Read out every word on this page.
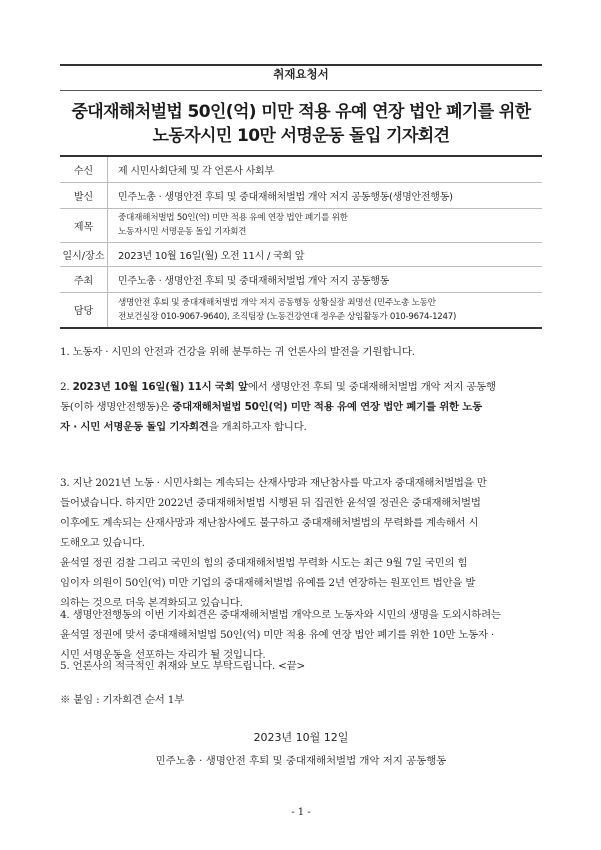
취재요청서
중대재해처벌법 50인(억) 미만 적용 유예 연장 법안 폐기를 위한
노동자시민 10만 서명운동 돌입 기자회견
수신	제 시민사회단체 및 각 언론사 사회부

발신	민주노총 · 생명안전 후퇴 및 중대재해처벌법 개악 저지 공동행동(생명안전행동)

제목	중대재해처벌법 50인(억) 미만 적용 유예 연장 법안 폐기를 위한
노동자시민 서명운동 돌입 기자회견

일시/장소	2023년 10월 16일(월) 오전 11시 / 국회 앞

주최	민주노총 · 생명안전 후퇴 및 중대재해처벌법 개악 저지 공동행동

담당	생명안전 후퇴 및 중대재해처벌법 개악 저지 공동행동 상황실장 최명선 (민주노총 노동안
전보건실장 010-9067-9640), 조직팀장 (노동건강연대 정우준 상임활동가 010-9674-1247)
1. 노동자 · 시민의 안전과 건강을 위해 분투하는 귀 언론사의 발전을 기원합니다.
2. 2023년 10월 16일(월) 11시 국회 앞에서 생명안전 후퇴 및 중대재해처벌법 개악 저지 공동행
동(이하 생명안전행동)은 중대재해처벌법 50인(억) 미만 적용 유예 연장 법안 폐기를 위한 노동
자 · 시민 서명운동 돌입 기자회견을 개최하고자 합니다.
3. 지난 2021년 노동 · 시민사회는 계속되는 산재사망과 재난참사를 막고자 중대재해처벌법을 만
들어냈습니다. 하지만 2022년 중대재해처벌법 시행된 뒤 집권한 윤석열 정권은 중대재해처벌법
이후에도 계속되는 산재사망과 재난참사에도 불구하고 중대재해처벌법의 무력화를 계속해서 시
도해오고 있습니다.
윤석열 정권 검찰 그리고 국민의 힘의 중대재해처벌법 무력화 시도는 최근 9월 7일 국민의 힘
임이자 의원이 50인(억) 미만 기업의 중대재해처벌법 유예를 2년 연장하는 원포인트 법안을 발
의하는 것으로 더욱 본격화되고 있습니다.
4. 생명안전행동의 이번 기자회견은 중대재해처벌법 개악으로 노동자와 시민의 생명을 도외시하려는
윤석열 정권에 맞서 중대재해처벌법 50인(억) 미만 적용 유예 연장 법안 폐기를 위한 10만 노동자 ·
시민 서명운동을 선포하는 자리가 될 것입니다.
5. 언론사의 적극적인 취재와 보도 부탁드립니다. <끝>
※ 붙임 : 기자회견 순서 1부
2023년 10월 12일
민주노총 · 생명안전 후퇴 및 중대재해처벌법 개악 저지 공동행동
- 1 -
